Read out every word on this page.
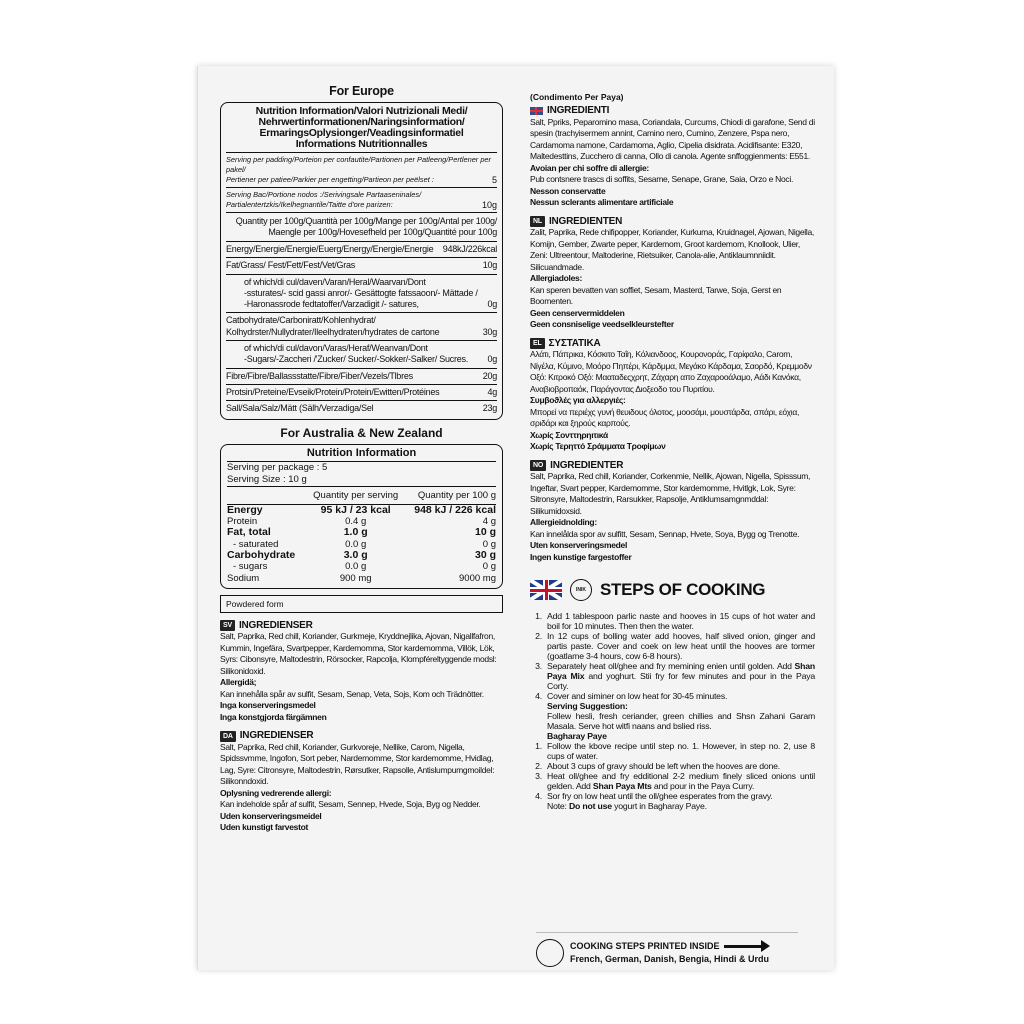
For Europe
Nutrition Information/Valori Nutrizionali Medi/
Nehrwertinformationen/Naringsinformation/
ErmaringsOplysionger/Veadingsinformatiel
Informations Nutritionnalles
Serving per padding/Porteion per confautite/Partionen per Patleeng/Pertlener per pakel/
Pertiener per patiee/Parkier per engetting/Partieon per peëlset :	5
Serving Bac/Portione nodos :/Serivingsale Partaaseninales/
Partialentertzkis/Ikelhegnantile/Taitte d'ore parizen:	10g
Quantity per 100g/Quantità per 100g/Mange per 100g/Antal per 100g/
Maengle per 100g/Hovesefheld per 100g/Quantité pour 100g
Energy/Energie/Energie/Euerg/Energy/Energie/Energie	948kJ/226kcal
Fat/Grass/ Fest/Fett/Fest/Vet/Gras	10g
of which/di cul/daven/Varan/Heral/Waarvan/Dont
-ssturates/- scid gassi anror/- Gesättogte fatssaoon/- Mättade /
-Haronassrode fedtatoffer/Varzadigit /- satures,	0g
Catbohydrate/Carboniratt/Kohlenhydrat/
Kolhydrster/Nullydrater/Ileelhydraten/hydrates de cartone	30g
of which/di cul/davon/Varas/Heraf/Weanvan/Dont
-Sugars/-Zaccheri /'Zucker/ Sucker/-Sokker/-Salker/ Sucres.	0g
Fibre/Fibre/Ballassstatte/Fibre/Fiber/Vezels/Tlbres	20g
Protsin/Preteine/Evseik/Protein/Protein/Ewitten/Protéines	4g
Sall/Sala/Salz/Mätt (Sälh/Verzadiga/Sel	23g
For Australia & New Zealand
Nutrition Information
Serving per package : 5
Serving Size : 10 g
	Quantity per serving	Quantity per 100 g
Energy	95 kJ / 23 kcal	948 kJ / 226 kcal
Protein	0.4 g	4 g
Fat, total	1.0 g	10 g
- saturated	0.0 g	0 g
Carbohydrate	3.0 g	30 g
- sugars	0.0 g	0 g
Sodium	900 mg	9000 mg
Powdered form
SV INGREDIENSER
Salt, Paprika, Red chill, Koriander, Gurkmeje, Kryddnejlika, Ajovan, Nigallfafron, Kummin, Ingefära, Svartpepper, Kardemomma, Stor kardemomma, Villök, Lök, Syrs: Cibonsyre, Maltodestrin, Rörsocker, Rapcolja, Klompféreltyggende modsl: Silikonidoxid.
Allergidä;
Kan innehålla spår av sulfit, Sesam, Senap, Veta, Sojs, Kom och Trädnötter.
Inga konserveringsmedel
Inga konstgjorda färgämnen
DA INGREDIENSER
Salt, Paprika, Red chill, Koriander, Gurkvoreje, Nellike, Carom, Nigella, Spidssvmme, Ingofon, Sort peber, Nardemomme, Stor kardemomme, Hvidlag, Lag, Syre: Citronsyre, Maltodestrin, Rørsutker, Rapsolle, Antislumpumgmoildel: Silikonndoxid.
Oplysning vedrerende allergi:
Kan indeholde spår af sulfit, Sesam, Sennep, Hvede, Soja, Byg og Nedder.
Uden konserveringsmeidel
Uden kunstigt farvestot
(Condimento Per Paya)
INGREDIENTI
Salt, Ppriks, Peparomino masa, Coriandala, Curcums, Chiodi di garafone, Send di spesin (trachyisermem annint, Camino nero, Cumino, Zenzere, Pspa nero, Cardamoma namone, Cardamoma, Aglio, Cipelia disidrata. Acidifisante: E320, Maltedesttins, Zucchero di canna, Ollo di canola. Agente snffoggienments: E551.
Avoian per chi soffre di allergie:
Pub contsnere trascs di soffits, Sesame, Senape, Grane, Saia, Orzo e Noci.
Nesson conservatte
Nessun sclerants alimentare artificiale
NL INGREDIENTEN
Zalit, Paprika, Rede chifipopper, Koriander, Kurkuma, Kruidnagel, Ajowan, Nigella, Komijn, Gember, Zwarte peper, Kardemom, Groot kardemom, Knollook, Ulier, Zeni: Ultreentour, Maltoderine, Rietsuiker, Canola-alie, Antiklaumnniidit. Silicuandmade.
Allergiadoles:
Kan speren bevatten van soffiet, Sesam, Masterd, Tarwe, Soja, Gerst en Boomenten.
Geen censervermiddelen
Geen consniselige veedselkleurstefter
EL ΣΥΣΤΑΤΙΚΑ
Αλάτι, Πάπρικα, Κόσκιτο Ταΐη, Κόλιανδοος, Κουρονοράς, Γαρίφαλο, Carom, Νίγέλα, Κύμινο, Μοόρο Πηπέρι, Κάρδμμα, Μεγάκο Κάρδαμα, Σαορδό, Κρεμμοδν Οξό: Κιτροκό Οξό: Μααταδεςχρητ, Ζάχαρη απο Ζαχαροοάλαμο, Αάδι Κανόκα, Αναβιοβροπαόκ, Παράγοντας Διοξεοδο του Πυριτίου.
Συμβοϑλές για αλλεργιές:
Μπορεί να περιέχς γυνή θευιδους όλοτος, μοοσάμι, μουστάρδα, σπάρι, εόχια, σριδάρι και ξηρούς καρπούς.
Χωρίς Σονττηρηιτικά
Χωρίς Τερηττό Σράμματα Τροφίμων
NO INGREDIENTER
Salt, Paprika, Red chill, Koriander, Corkenmie, Nellik, Ajowan, Nigella, Spisssum, Ingeftar, Svart pepper, Kardemomme, Stor kardemomme, Hvitlgk, Lok, Syre: Sitronsyre, Maltodestrin, Rarsukker, Rapsolje, Antiklumsamgnmddal: Silikumidoxsid.
Allergieidnolding:
Kan innelålda spor av sulfitt, Sesam, Sennap, Hvete, Soya, Bygg og Trenotte.
Uten konserveringsmedel
Ingen kunstige fargestoffer
INIK STEPS OF COOKING
1. Add 1 tablespoon parlic naste and hooves in 15 cups of hot water and boil for 10 minutes. Then then the water.
2. In 12 cups of bolling water add hooves, half slived onion, ginger and partis paste. Cover and coek on lew heat until the hooves are tormer (goatlame 3-4 hours, cow 6-8 hours).
3. Separately heat oll/ghee and fry memining enien until golden. Add Shan Paya Mix and yoghurt. Stii fry for few minutes and pour in the Paya Corty.
4. Cover and siminer on low heat for 30-45 minutes.
Serving Suggestion:
Follew hesli, fresh ceriander, green chillies and Shsn Zahani Garam Masala. Serve hot witfi naans and bslied riss.
Bagharay Paye
1. Follow the kbove recipe until step no. 1. However, in step no. 2, use 8 cups of water.
2. About 3 cups of gravy should be left when the hooves are done.
3. Heat oll/ghee and fry edditional 2-2 medium finely sliced onions until gelden. Add Shan Paya Mts and pour in the Paya Curry.
4. Sor fry on low heat until the oll/ghee esperates from the gravy.
Note: Do not use yogurt in Bagharay Paye.
COOKING STEPS PRINTED INSIDE
French, German, Danish, Bengia, Hindi & Urdu
